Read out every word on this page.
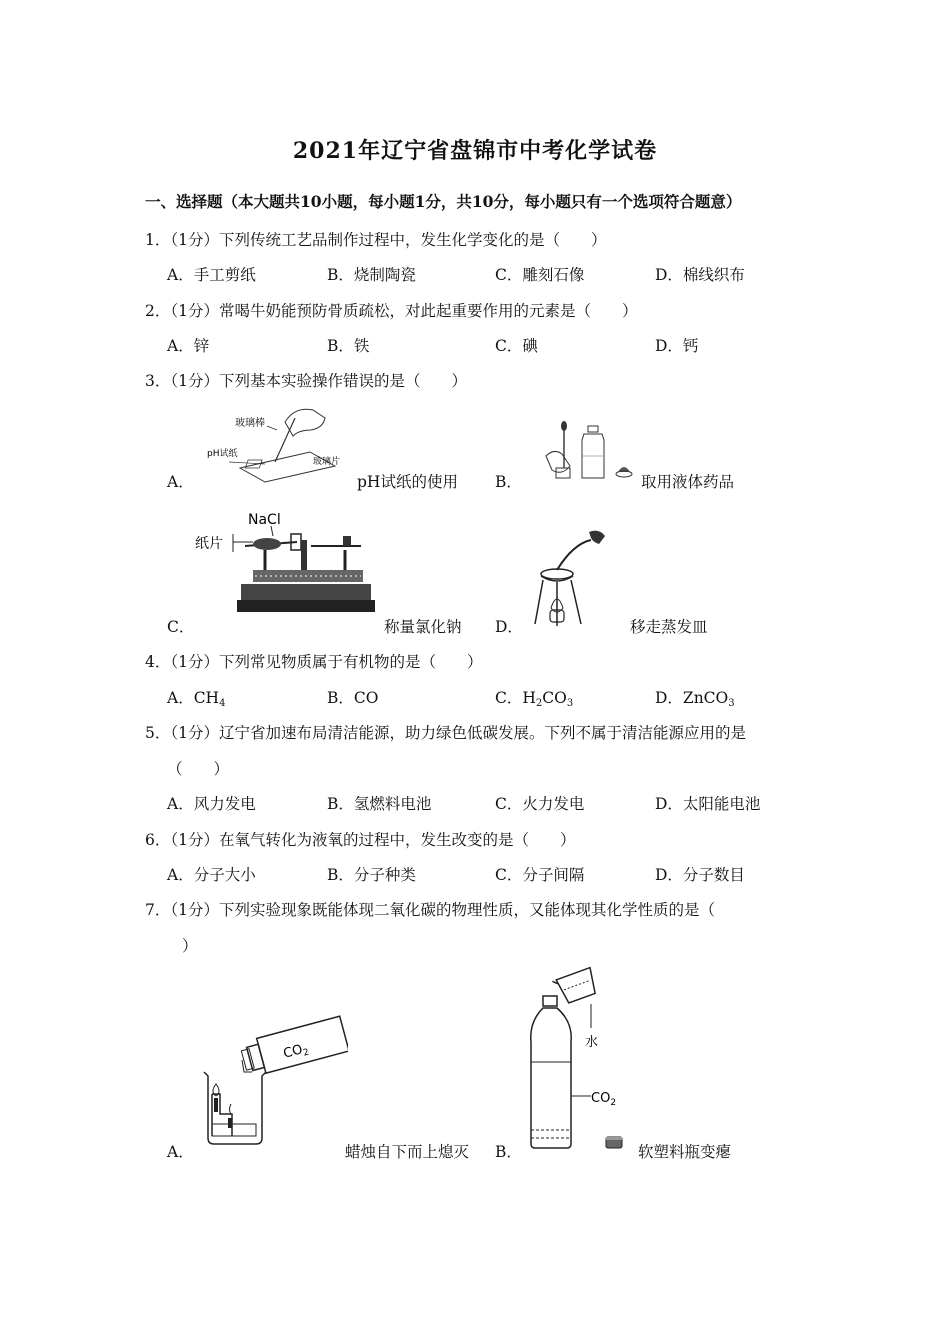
2021年辽宁省盘锦市中考化学试卷
一、选择题（本大题共10小题，每小题1分，共10分，每小题只有一个选项符合题意）
1．（1分）下列传统工艺品制作过程中，发生化学变化的是（　　）
A．手工剪纸	B．烧制陶瓷	C．雕刻石像	D．棉线织布
2．（1分）常喝牛奶能预防骨质疏松，对此起重要作用的元素是（　　）
A．锌	B．铁	C．碘	D．钙
3．（1分）下列基本实验操作错误的是（　　）
玻璃棒
pH试纸
玻璃片
A．	pH试纸的使用 B．	取用液体药品
NaCl
纸片
C．	称量氯化钠 D．	移走蒸发皿
4．（1分）下列常见物质属于有机物的是（　　）
A．$CH_4$	B．CO	C．$H_2CO_3$	D．ZnCO$_3$
5．（1分）辽宁省加速布局清洁能源，助力绿色低碳发展。下列不属于清洁能源应用的是
（　　）
A．风力发电	B．氢燃料电池	C．火力发电	D．太阳能电池
6．（1分）在氧气转化为液氧的过程中，发生改变的是（　　）
A．分子大小	B．分子种类	C．分子间隔	D．分子数目
7．（1分）下列实验现象既能体现二氧化碳的物理性质，又能体现其化学性质的是（
）
$CO_2$
A．	蜡烛自下而上熄灭
水
$CO_2$
B．	软塑料瓶变瘪
